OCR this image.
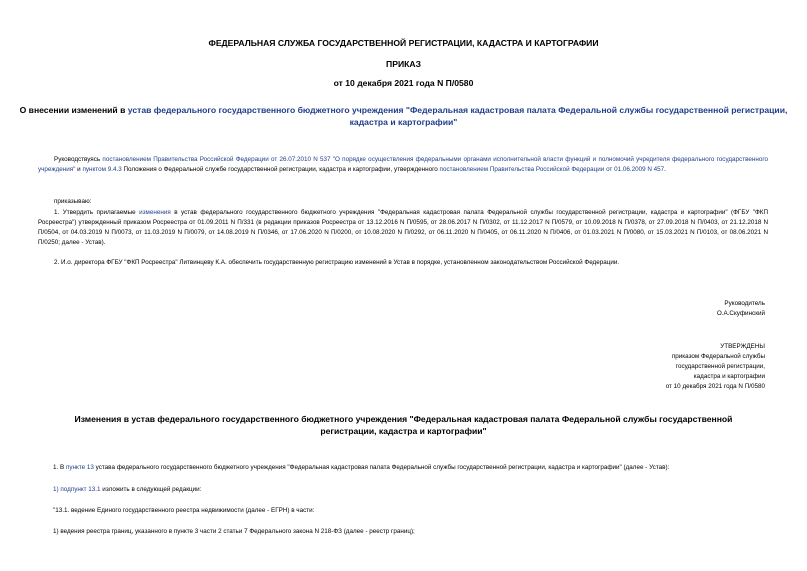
ФЕДЕРАЛЬНАЯ СЛУЖБА ГОСУДАРСТВЕННОЙ РЕГИСТРАЦИИ, КАДАСТРА И КАРТОГРАФИИ
ПРИКАЗ
от 10 декабря 2021 года N П/0580
О внесении изменений в устав федерального государственного бюджетного учреждения "Федеральная кадастровая палата Федеральной службы государственной регистрации, кадастра и картографии"
Руководствуясь постановлением Правительства Российской Федерации от 26.07.2010 N 537 "О порядке осуществления федеральными органами исполнительной власти функций и полномочий учредителя федерального государственного учреждения" и пунктом 9.4.3 Положения о Федеральной службе государственной регистрации, кадастра и картографии, утвержденного постановлением Правительства Российской Федерации от 01.06.2009 N 457.
приказываю:
1. Утвердить прилагаемые изменения в устав федерального государственного бюджетного учреждения "Федеральная кадастровая палата Федеральной службы государственной регистрации, кадастра и картографии" (ФГБУ "ФКП Росреестра") утвержденный приказом Росреестра от 01.09.2011 N П/331 (в редакции приказов Росреестра от 13.12.2016 N П/0595, от 28.06.2017 N П/0302, от 11.12.2017 N П/0579, от 10.09.2018 N П/0378, от 27.09.2018 N П/0403, от 21.12.2018 N П/0504, от 04.03.2019 N П/0073, от 11.03.2019 N П/0079, от 14.08.2019 N П/0346, от 17.06.2020 N П/0200, от 10.08.2020 N П/0292, от 06.11.2020 N П/0405, от 06.11.2020 N П/0406, от 01.03.2021 N П/0080, от 15.03.2021 N П/0103, от 08.06.2021 N П/0250; далее - Устав).
2. И.о. директора ФГБУ "ФКП Росреестра" Литвинцеву К.А. обеспечить государственную регистрацию изменений в Устав в порядке, установленном законодательством Российской Федерации.
Руководитель
О.А.Скуфинский
УТВЕРЖДЕНЫ
приказом Федеральной службы
государственной регистрации,
кадастра и картографии
от 10 декабря 2021 года N П/0580
Изменения в устав федерального государственного бюджетного учреждения "Федеральная кадастровая палата Федеральной службы государственной регистрации, кадастра и картографии"
1. В пункте 13 устава федерального государственного бюджетного учреждения "Федеральная кадастровая палата Федеральной службы государственной регистрации, кадастра и картографии" (далее - Устав):
1) подпункт 13.1 изложить в следующей редакции:
"13.1. ведение Единого государственного реестра недвижимости (далее - ЕГРН) в части:
1) ведения реестра границ, указанного в пункте 3 части 2 статьи 7 Федерального закона N 218-ФЗ (далее - реестр границ);
